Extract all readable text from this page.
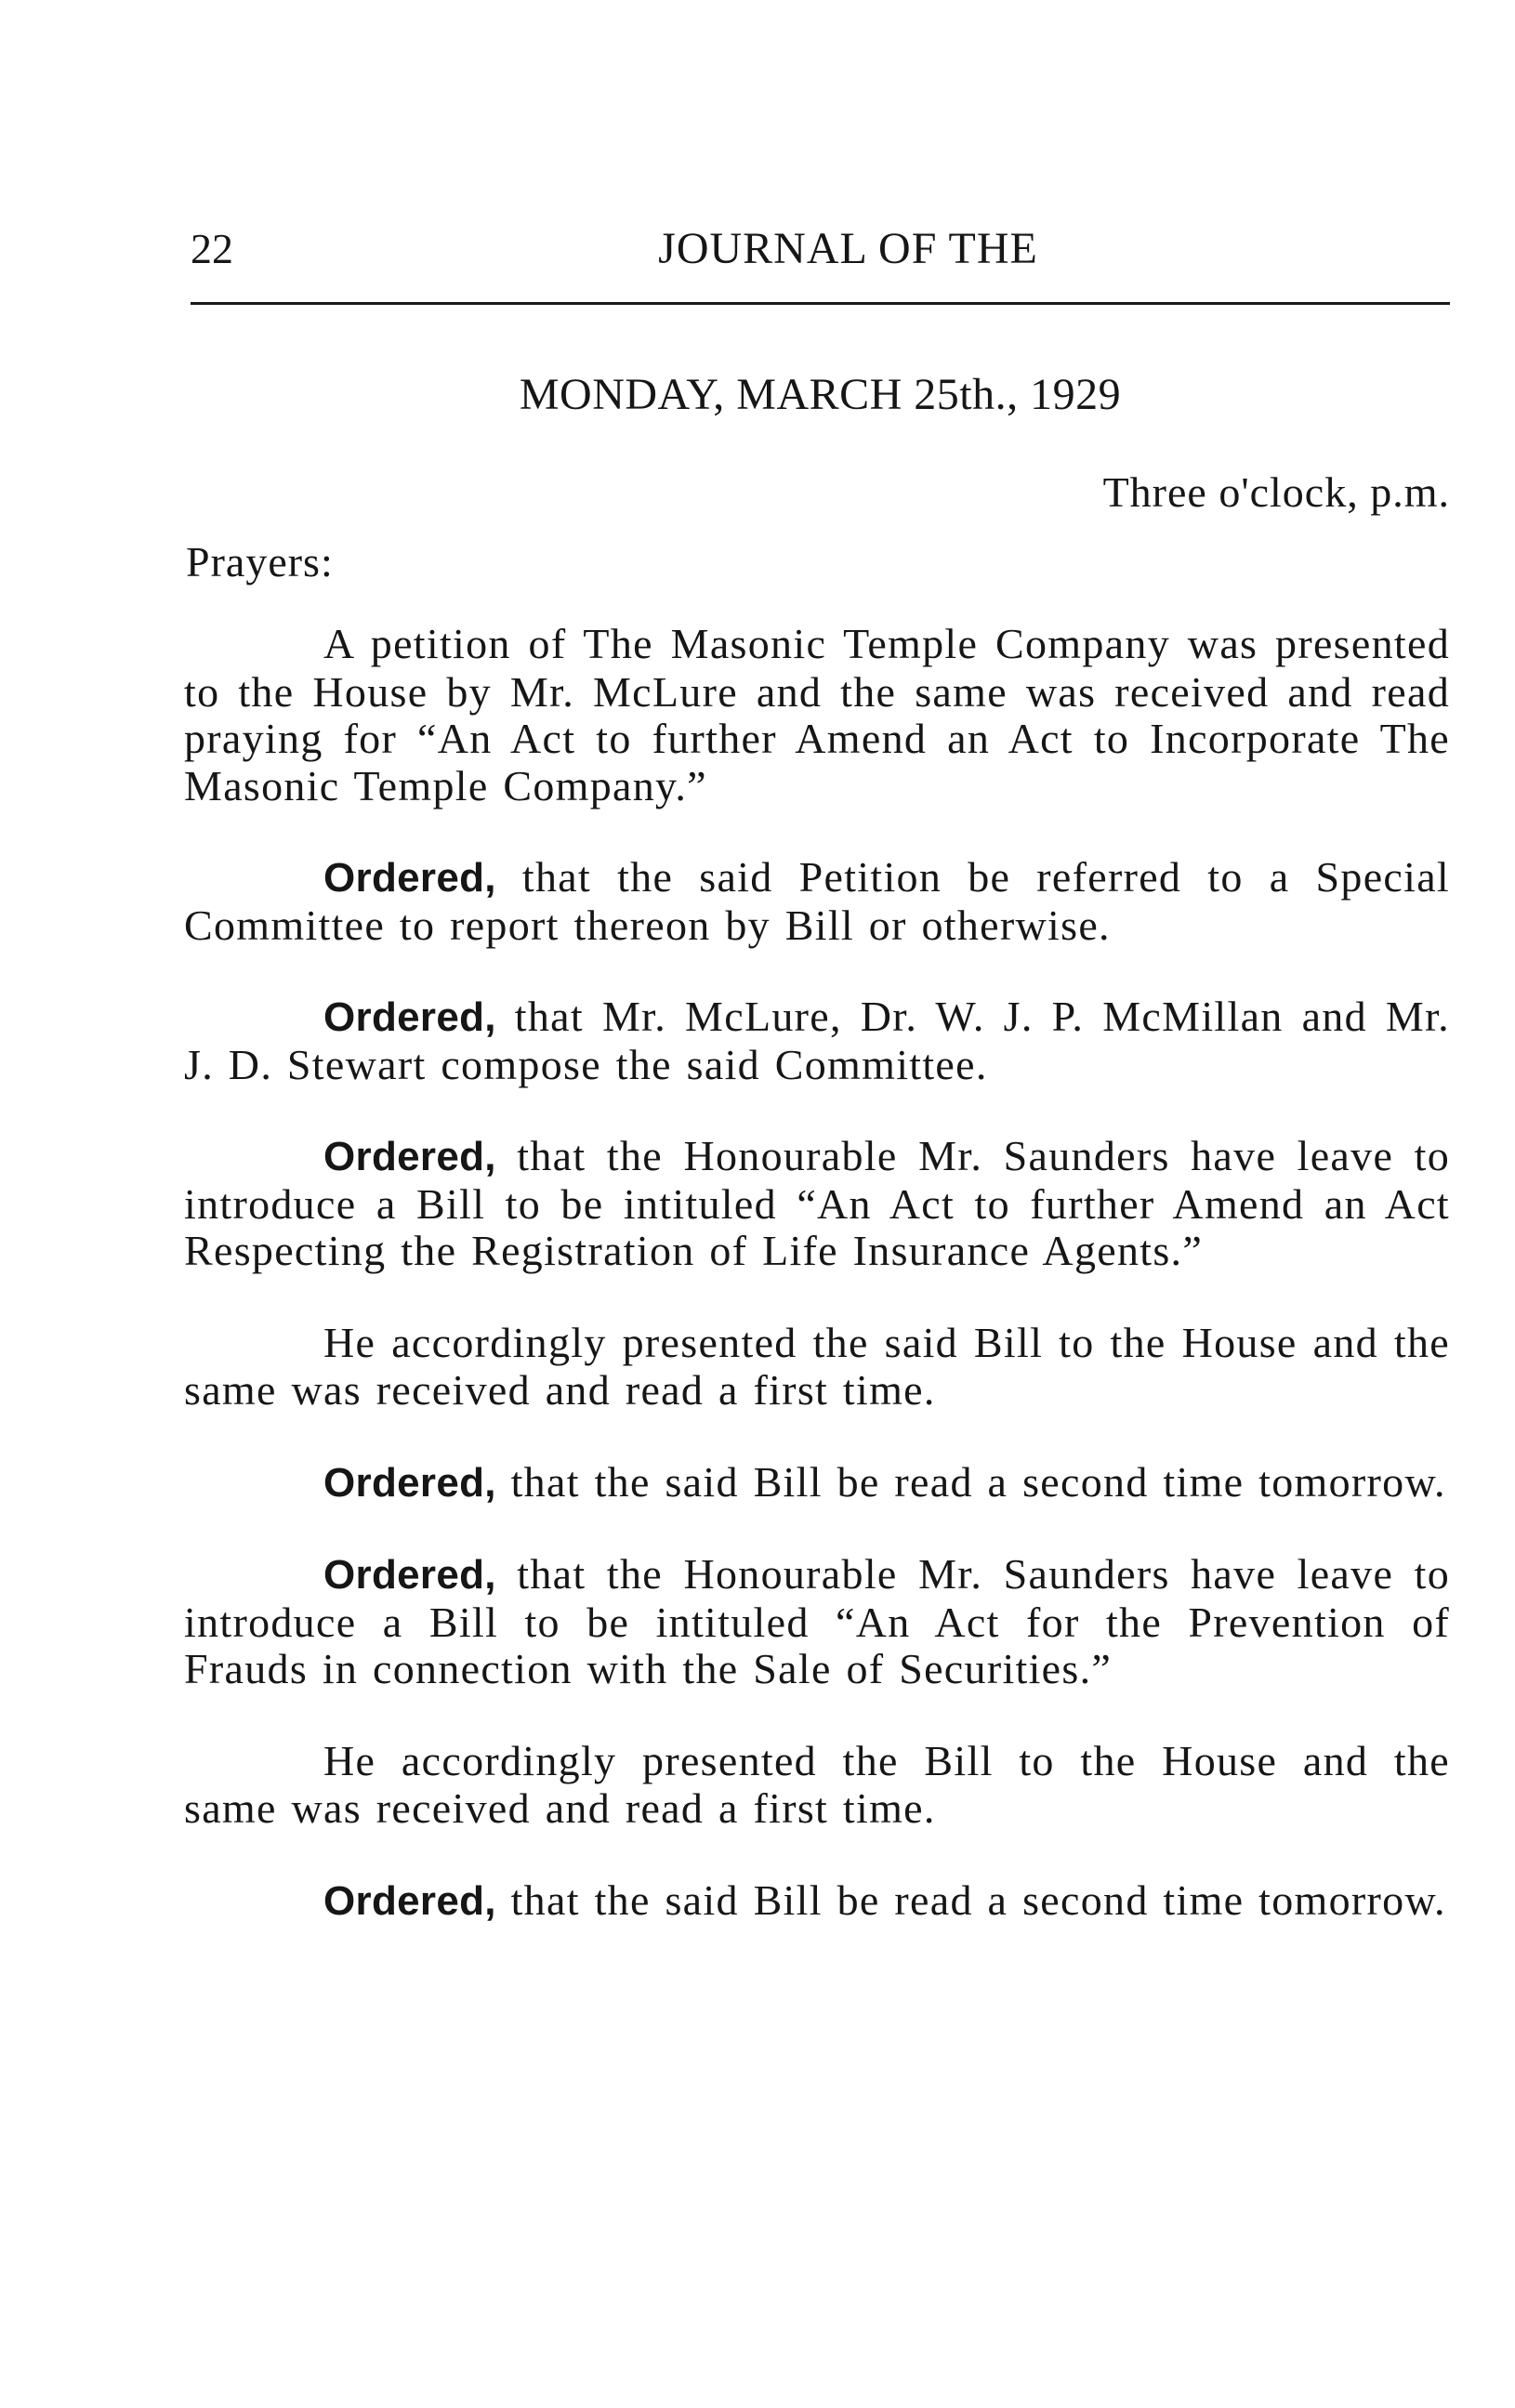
22	JOURNAL OF THE
MONDAY, MARCH 25th., 1929
Three o'clock, p.m.
Prayers:

A petition of The Masonic Temple Company was presented to the House by Mr. McLure and the same was received and read praying for “An Act to further Amend an Act to Incorporate The Masonic Temple Company.”

Ordered, that the said Petition be referred to a Special Committee to report thereon by Bill or otherwise.

Ordered, that Mr. McLure, Dr. W. J. P. McMillan and Mr. J. D. Stewart compose the said Committee.

Ordered, that the Honourable Mr. Saunders have leave to introduce a Bill to be intituled “An Act to further Amend an Act Respecting the Registration of Life Insurance Agents.”

He accordingly presented the said Bill to the House and the same was received and read a first time.

Ordered, that the said Bill be read a second time tomorrow.

Ordered, that the Honourable Mr. Saunders have leave to introduce a Bill to be intituled “An Act for the Prevention of Frauds in connection with the Sale of Securities.”

He accordingly presented the Bill to the House and the same was received and read a first time.

Ordered, that the said Bill be read a second time tomorrow.
